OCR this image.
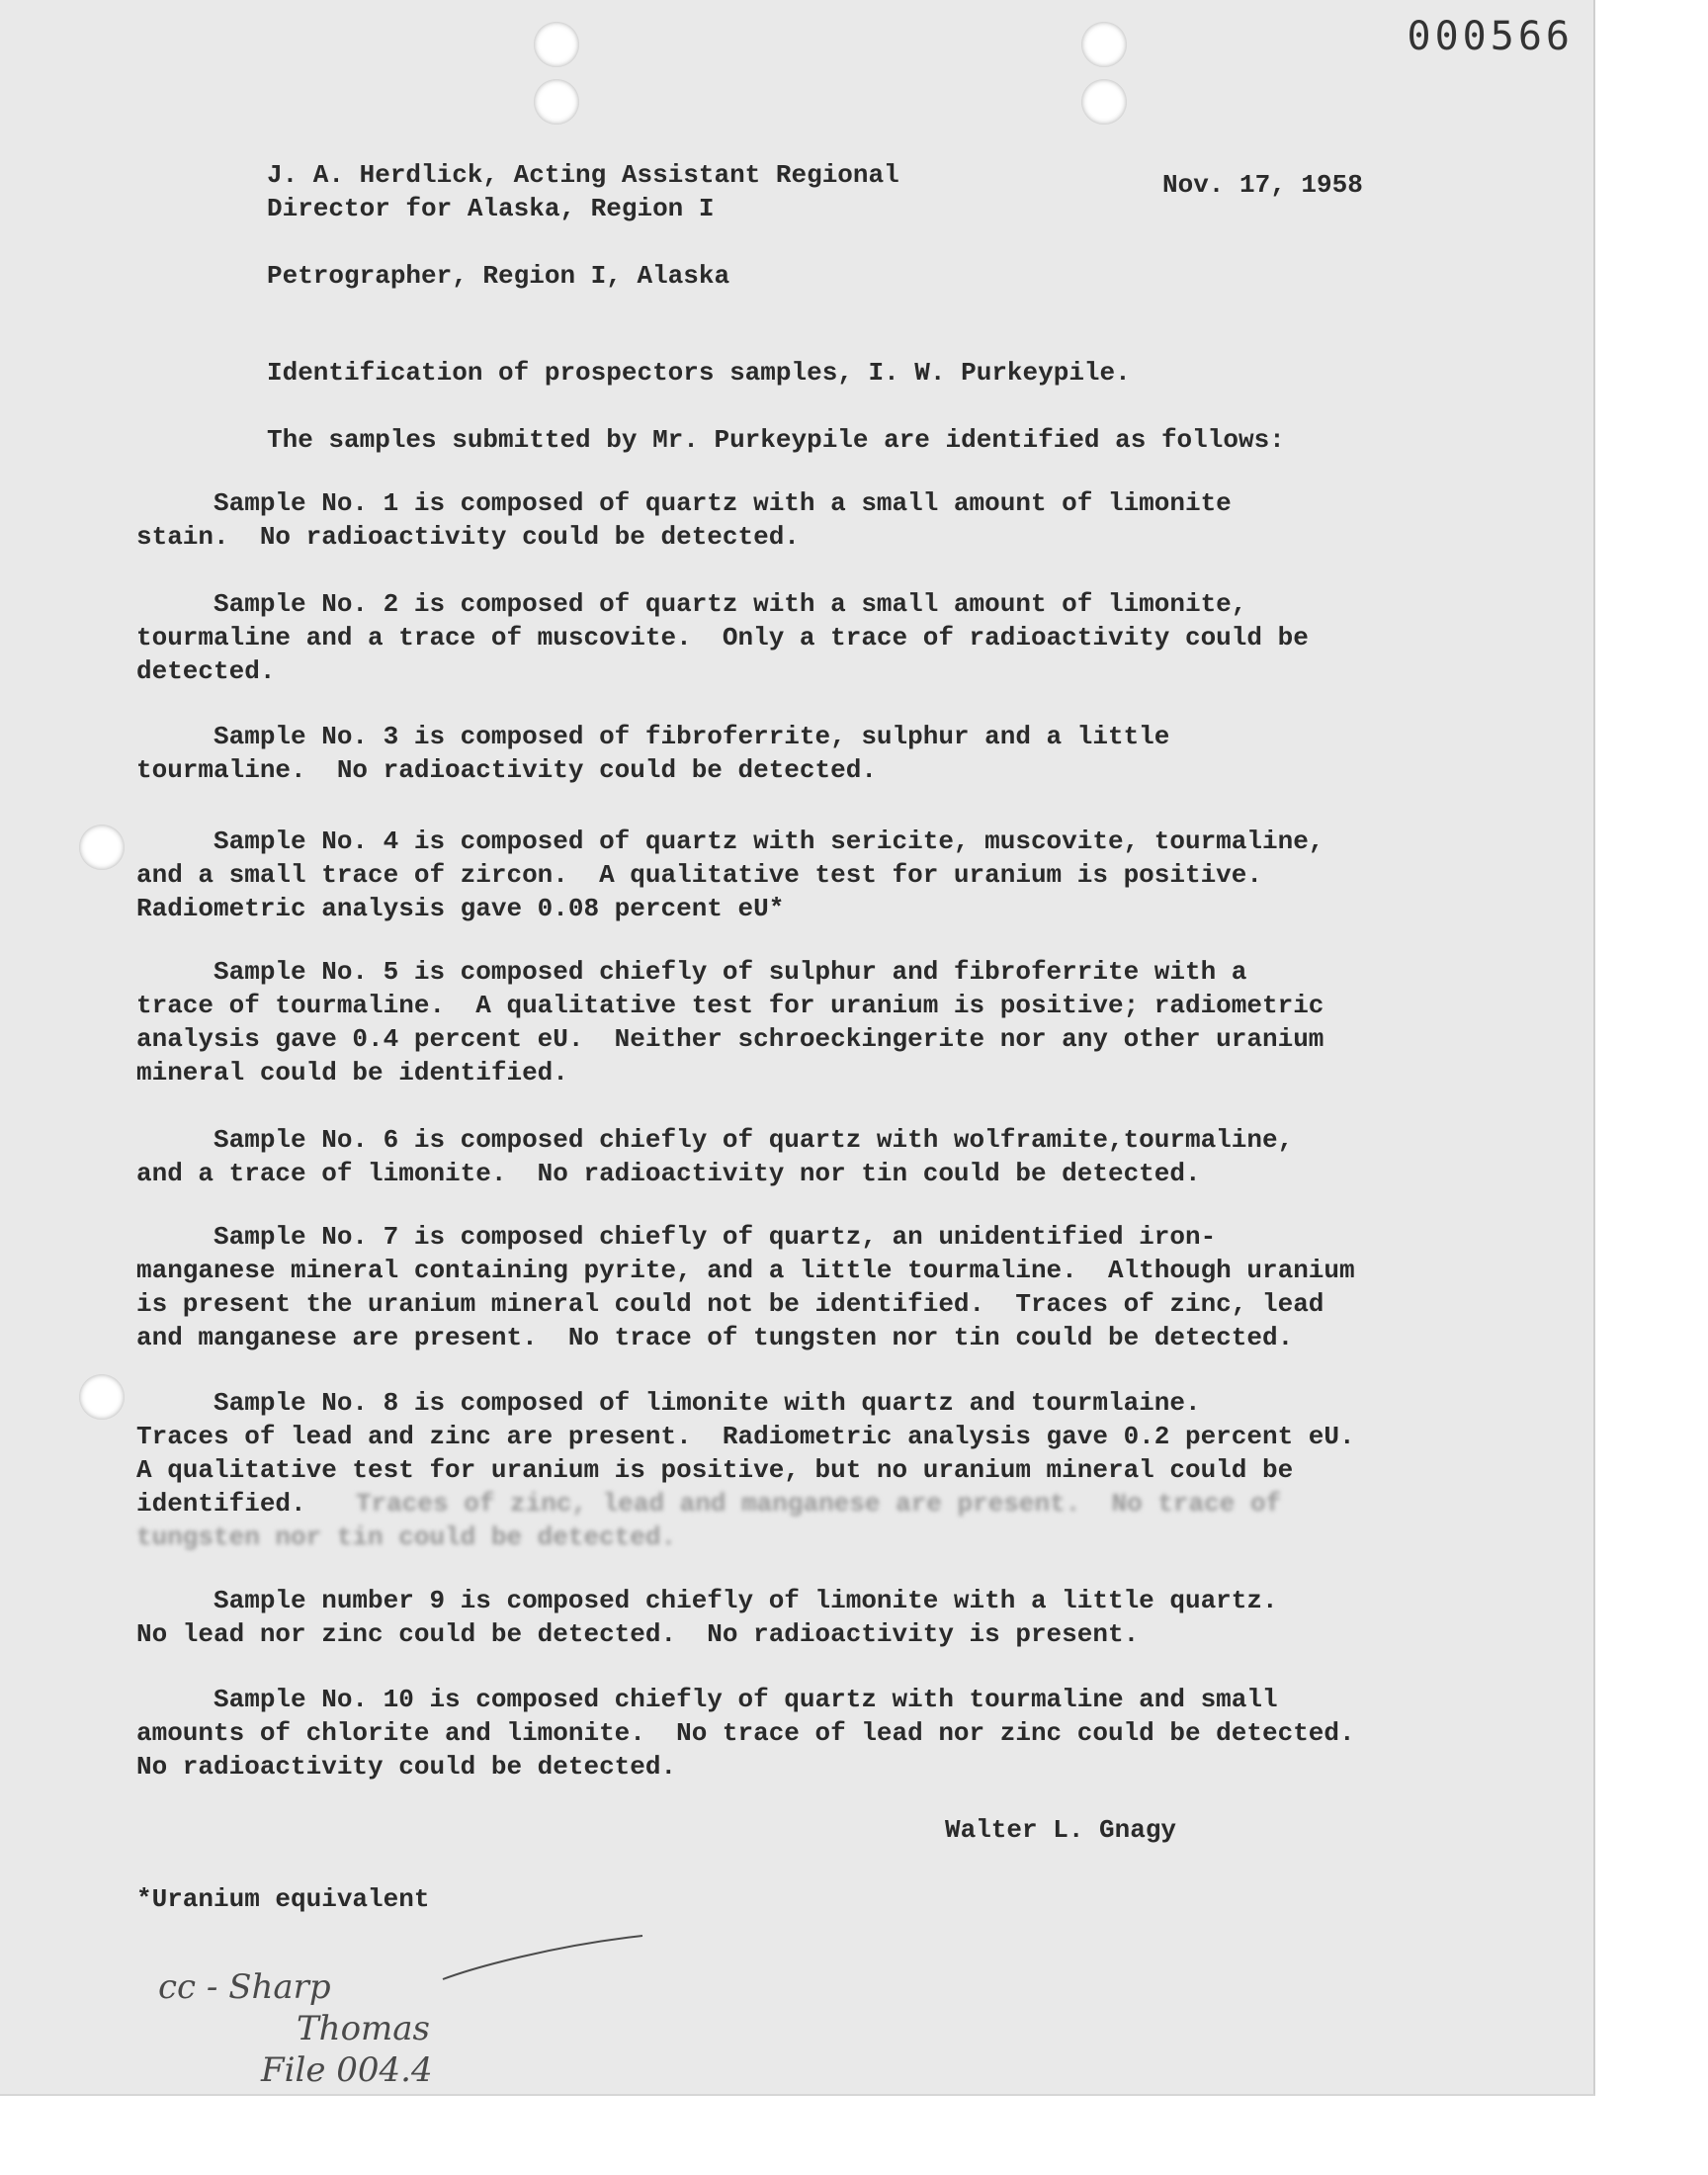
000566

J. A. Herdlick, Acting Assistant Regional

Director for Alaska, Region I

Nov. 17, 1958

Petrographer, Region I, Alaska

Identification of prospectors samples, I. W. Purkeypile.

The samples submitted by Mr. Purkeypile are identified as follows:

Sample No. 1 is composed of quartz with a small amount of limonite

stain.  No radioactivity could be detected.

Sample No. 2 is composed of quartz with a small amount of limonite,

tourmaline and a trace of muscovite.  Only a trace of radioactivity could be

detected.

Sample No. 3 is composed of fibroferrite, sulphur and a little

tourmaline.  No radioactivity could be detected.

Sample No. 4 is composed of quartz with sericite, muscovite, tourmaline,

and a small trace of zircon.  A qualitative test for uranium is positive.

Radiometric analysis gave 0.08 percent eU*

Sample No. 5 is composed chiefly of sulphur and fibroferrite with a

trace of tourmaline.  A qualitative test for uranium is positive; radiometric

analysis gave 0.4 percent eU.  Neither schroeckingerite nor any other uranium

mineral could be identified.

Sample No. 6 is composed chiefly of quartz with wolframite,tourmaline,

and a trace of limonite.  No radioactivity nor tin could be detected.

Sample No. 7 is composed chiefly of quartz, an unidentified iron-

manganese mineral containing pyrite, and a little tourmaline.  Although uranium

is present the uranium mineral could not be identified.  Traces of zinc, lead

and manganese are present.  No trace of tungsten nor tin could be detected.

Sample No. 8 is composed of limonite with quartz and tourmlaine.

Traces of lead and zinc are present.  Radiometric analysis gave 0.2 percent eU.

A qualitative test for uranium is positive, but no uranium mineral could be

identified. Traces of zinc, lead and manganese are present.  No trace of

tungsten nor tin could be detected.

Sample number 9 is composed chiefly of limonite with a little quartz.

No lead nor zinc could be detected.  No radioactivity is present.

Sample No. 10 is composed chiefly of quartz with tourmaline and small

amounts of chlorite and limonite.  No trace of lead nor zinc could be detected.

No radioactivity could be detected.

Walter L. Gnagy

*Uranium equivalent

cc - Sharp
Thomas
File 004.4
